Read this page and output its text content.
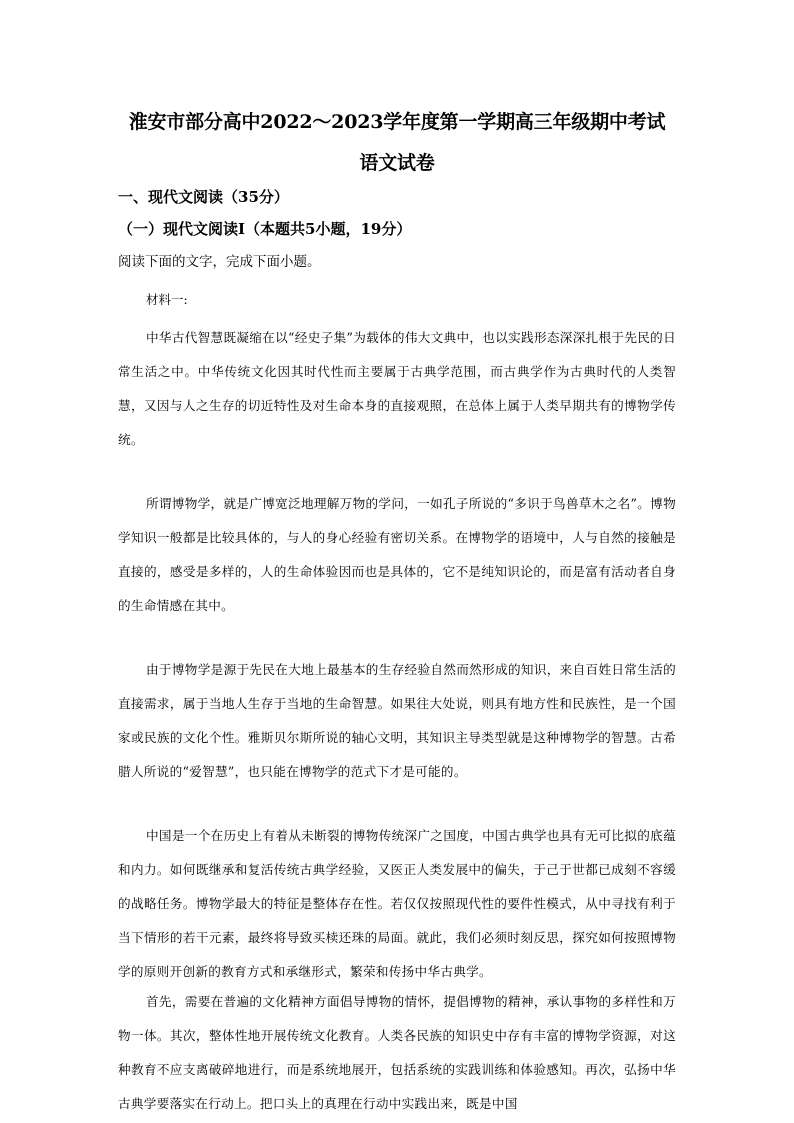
淮安市部分高中2022～2023学年度第一学期高三年级期中考试
语文试卷
一、现代文阅读（35分）
（一）现代文阅读Ⅰ（本题共5小题，19分）
阅读下面的文字，完成下面小题。
材料一:
中华古代智慧既凝缩在以“经史子集”为载体的伟大文典中，也以实践形态深深扎根于先民的日常生活之中。中华传统文化因其时代性而主要属于古典学范围，而古典学作为古典时代的人类智慧，又因与人之生存的切近特性及对生命本身的直接观照，在总体上属于人类早期共有的博物学传统。
所谓博物学，就是广博宽泛地理解万物的学问，一如孔子所说的“多识于鸟兽草木之名”。博物学知识一般都是比较具体的，与人的身心经验有密切关系。在博物学的语境中，人与自然的接触是直接的，感受是多样的，人的生命体验因而也是具体的，它不是纯知识论的，而是富有活动者自身的生命情感在其中。
由于博物学是源于先民在大地上最基本的生存经验自然而然形成的知识，来自百姓日常生活的直接需求，属于当地人生存于当地的生命智慧。如果往大处说，则具有地方性和民族性，是一个国家或民族的文化个性。雅斯贝尔斯所说的轴心文明，其知识主导类型就是这种博物学的智慧。古希腊人所说的“爱智慧”，也只能在博物学的范式下才是可能的。
中国是一个在历史上有着从未断裂的博物传统深广之国度，中国古典学也具有无可比拟的底蕴和内力。如何既继承和复活传统古典学经验，又医正人类发展中的偏失，于己于世都已成刻不容缓的战略任务。博物学最大的特征是整体存在性。若仅仅按照现代性的要件性模式，从中寻找有利于当下情形的若干元素，最终将导致买椟还珠的局面。就此，我们必须时刻反思，探究如何按照博物学的原则开创新的教育方式和承继形式，繁荣和传扬中华古典学。
首先，需要在普遍的文化精神方面倡导博物的情怀，提倡博物的精神，承认事物的多样性和万物一体。其次，整体性地开展传统文化教育。人类各民族的知识史中存有丰富的博物学资源，对这种教育不应支离破碎地进行，而是系统地展开，包括系统的实践训练和体验感知。再次，弘扬中华古典学要落实在行动上。把口头上的真理在行动中实践出来，既是中国
